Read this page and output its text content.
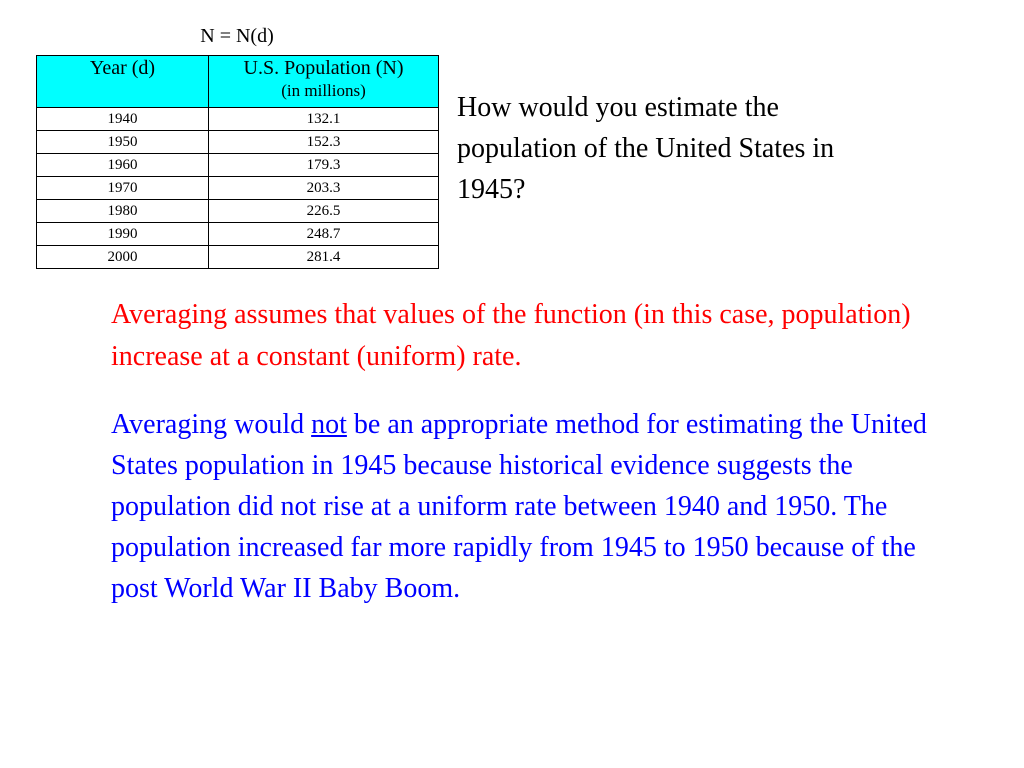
N = N(d)
Year (d)	U.S. Population (N)
(in millions)

1940	132.1
1950	152.3
1960	179.3
1970	203.3
1980	226.5
1990	248.7
2000	281.4
How would you estimate the population of the United States in 1945?
Averaging assumes that values of the function (in this case, population) increase at a constant (uniform) rate.
Averaging would not be an appropriate method for estimating the United States population in 1945 because historical evidence suggests the population did not rise at a uniform rate between 1940 and 1950. The population increased far more rapidly from 1945 to 1950 because of the post World War II Baby Boom.
